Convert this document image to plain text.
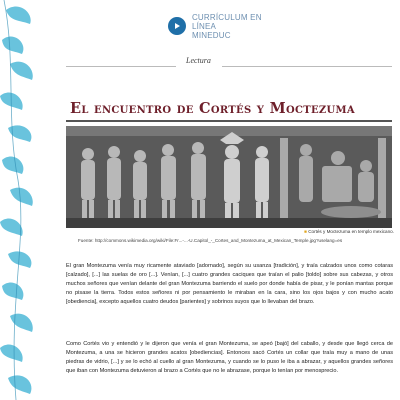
CURRÍCULUM EN LÍNEA
MINEDUC
Lectura
El encuentro de Cortés y Moctezuma
■ Cortés y Moctezuma en templo mexicano.
Fuente: http://commons.wikimedia.org/wiki/File:Fr...-...-U.Capitol_-_Cortes_and_Montezuma_at_Mexican_Temple.jpg?uselang=es
El gran Montezuma venía muy ricamente ataviado [adornado], según su usanza [tradición], y traía calzados unos como cotaras [calzado], [...] las suelas de oro [...]. Venían, [...] cuatro grandes caciques que traían el palio [toldo] sobre sus cabezas, y otros muchos señores que venían delante del gran Montezuma barriendo el suelo por donde había de pisar, y le ponían mantas porque no pisase la tierra. Todos estos señores ni por pensamiento le miraban en la cara, sino los ojos bajos y con mucho acato [obediencia], excepto aquellos cuatro deudos [parientes] y sobrinos suyos que lo llevaban del brazo.
Como Cortés vio y entendió y le dijeron que venía el gran Montezuma, se apeó [bajó] del caballo, y desde que llegó cerca de Montezuma, a una se hicieron grandes acatos [obediencias]. Entonces sacó Cortés un collar que traía muy a mano de unas piedras de vidrio, [...] y se lo echó al cuello al gran Montezuma, y cuando se lo puso le iba a abrazar, y aquellos grandes señores que iban con Montezuma detuvieron al brazo a Cortés que no le abrazase, porque lo tenían por menosprecio.
